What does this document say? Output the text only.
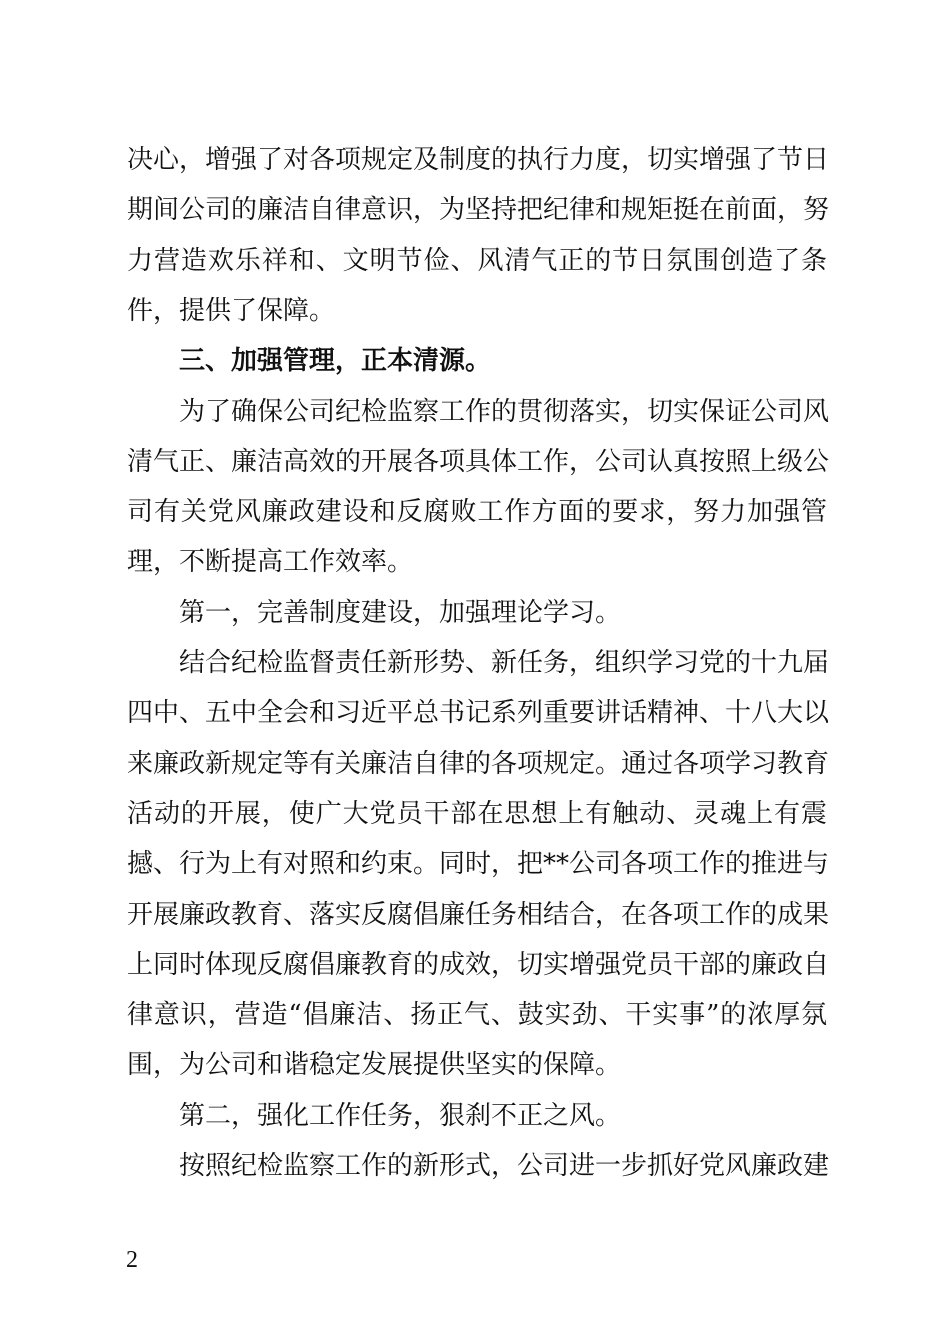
决心，增强了对各项规定及制度的执行力度，切实增强了节日
期间公司的廉洁自律意识，为坚持把纪律和规矩挺在前面，努
力营造欢乐祥和、文明节俭、风清气正的节日氛围创造了条
件，提供了保障。
三、加强管理，正本清源。
为了确保公司纪检监察工作的贯彻落实，切实保证公司风
清气正、廉洁高效的开展各项具体工作，公司认真按照上级公
司有关党风廉政建设和反腐败工作方面的要求，努力加强管
理，不断提高工作效率。
第一，完善制度建设，加强理论学习。
结合纪检监督责任新形势、新任务，组织学习党的十九届
四中、五中全会和习近平总书记系列重要讲话精神、十八大以
来廉政新规定等有关廉洁自律的各项规定。通过各项学习教育
活动的开展，使广大党员干部在思想上有触动、灵魂上有震
撼、行为上有对照和约束。同时，把**公司各项工作的推进与
开展廉政教育、落实反腐倡廉任务相结合，在各项工作的成果
上同时体现反腐倡廉教育的成效，切实增强党员干部的廉政自
律意识，营造“倡廉洁、扬正气、鼓实劲、干实事”的浓厚氛
围，为公司和谐稳定发展提供坚实的保障。
第二，强化工作任务，狠刹不正之风。
按照纪检监察工作的新形式，公司进一步抓好党风廉政建
2
